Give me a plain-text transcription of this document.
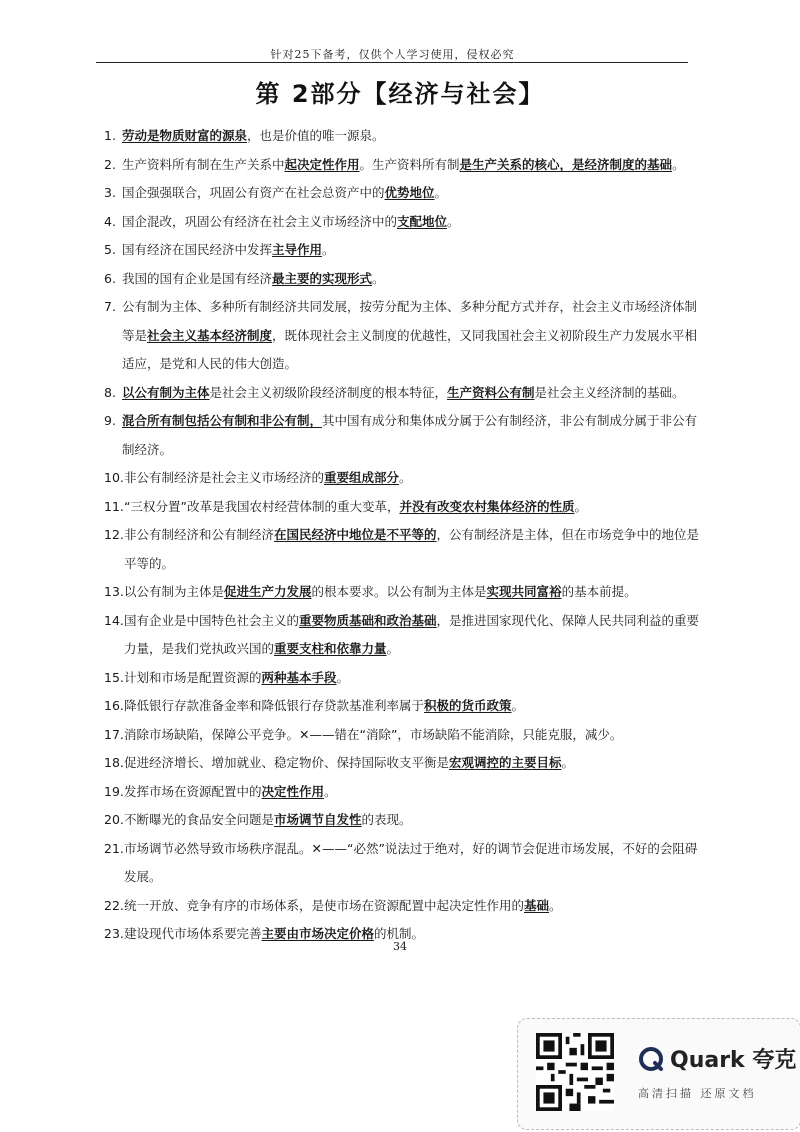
针对25下备考，仅供个人学习使用，侵权必究
第 2部分【经济与社会】
1. 劳动是物质财富的源泉，也是价值的唯一源泉。
2. 生产资料所有制在生产关系中起决定性作用。生产资料所有制是生产关系的核心，是经济制度的基础。
3. 国企强强联合，巩固公有资产在社会总资产中的优势地位。
4. 国企混改，巩固公有经济在社会主义市场经济中的支配地位。
5. 国有经济在国民经济中发挥主导作用。
6. 我国的国有企业是国有经济最主要的实现形式。
7. 公有制为主体、多种所有制经济共同发展，按劳分配为主体、多种分配方式并存，社会主义市场经济体制等是社会主义基本经济制度，既体现社会主义制度的优越性，又同我国社会主义初阶段生产力发展水平相适应，是党和人民的伟大创造。
8. 以公有制为主体是社会主义初级阶段经济制度的根本特征，生产资料公有制是社会主义经济制的基础。
9. 混合所有制包括公有制和非公有制，其中国有成分和集体成分属于公有制经济，非公有制成分属于非公有制经济。
10. 非公有制经济是社会主义市场经济的重要组成部分。
11. “三权分置”改革是我国农村经营体制的重大变革，并没有改变农村集体经济的性质。
12. 非公有制经济和公有制经济在国民经济中地位是不平等的，公有制经济是主体，但在市场竞争中的地位是平等的。
13. 以公有制为主体是促进生产力发展的根本要求。以公有制为主体是实现共同富裕的基本前提。
14. 国有企业是中国特色社会主义的重要物质基础和政治基础，是推进国家现代化、保障人民共同利益的重要力量，是我们党执政兴国的重要支柱和依靠力量。
15. 计划和市场是配置资源的两种基本手段。
16. 降低银行存款准备金率和降低银行存贷款基准利率属于积极的货币政策。
17. 消除市场缺陷，保障公平竞争。✕——错在“消除”，市场缺陷不能消除，只能克服，减少。
18. 促进经济增长、增加就业、稳定物价、保持国际收支平衡是宏观调控的主要目标。
19. 发挥市场在资源配置中的决定性作用。
20. 不断曝光的食品安全问题是市场调节自发性的表现。
21. 市场调节必然导致市场秩序混乱。✕——“必然”说法过于绝对，好的调节会促进市场发展，不好的会阻碍发展。
22. 统一开放、竞争有序的市场体系，是使市场在资源配置中起决定性作用的基础。
23. 建设现代市场体系要完善主要由市场决定价格的机制。
34
Quark 夸克
高清扫描 还原文档
